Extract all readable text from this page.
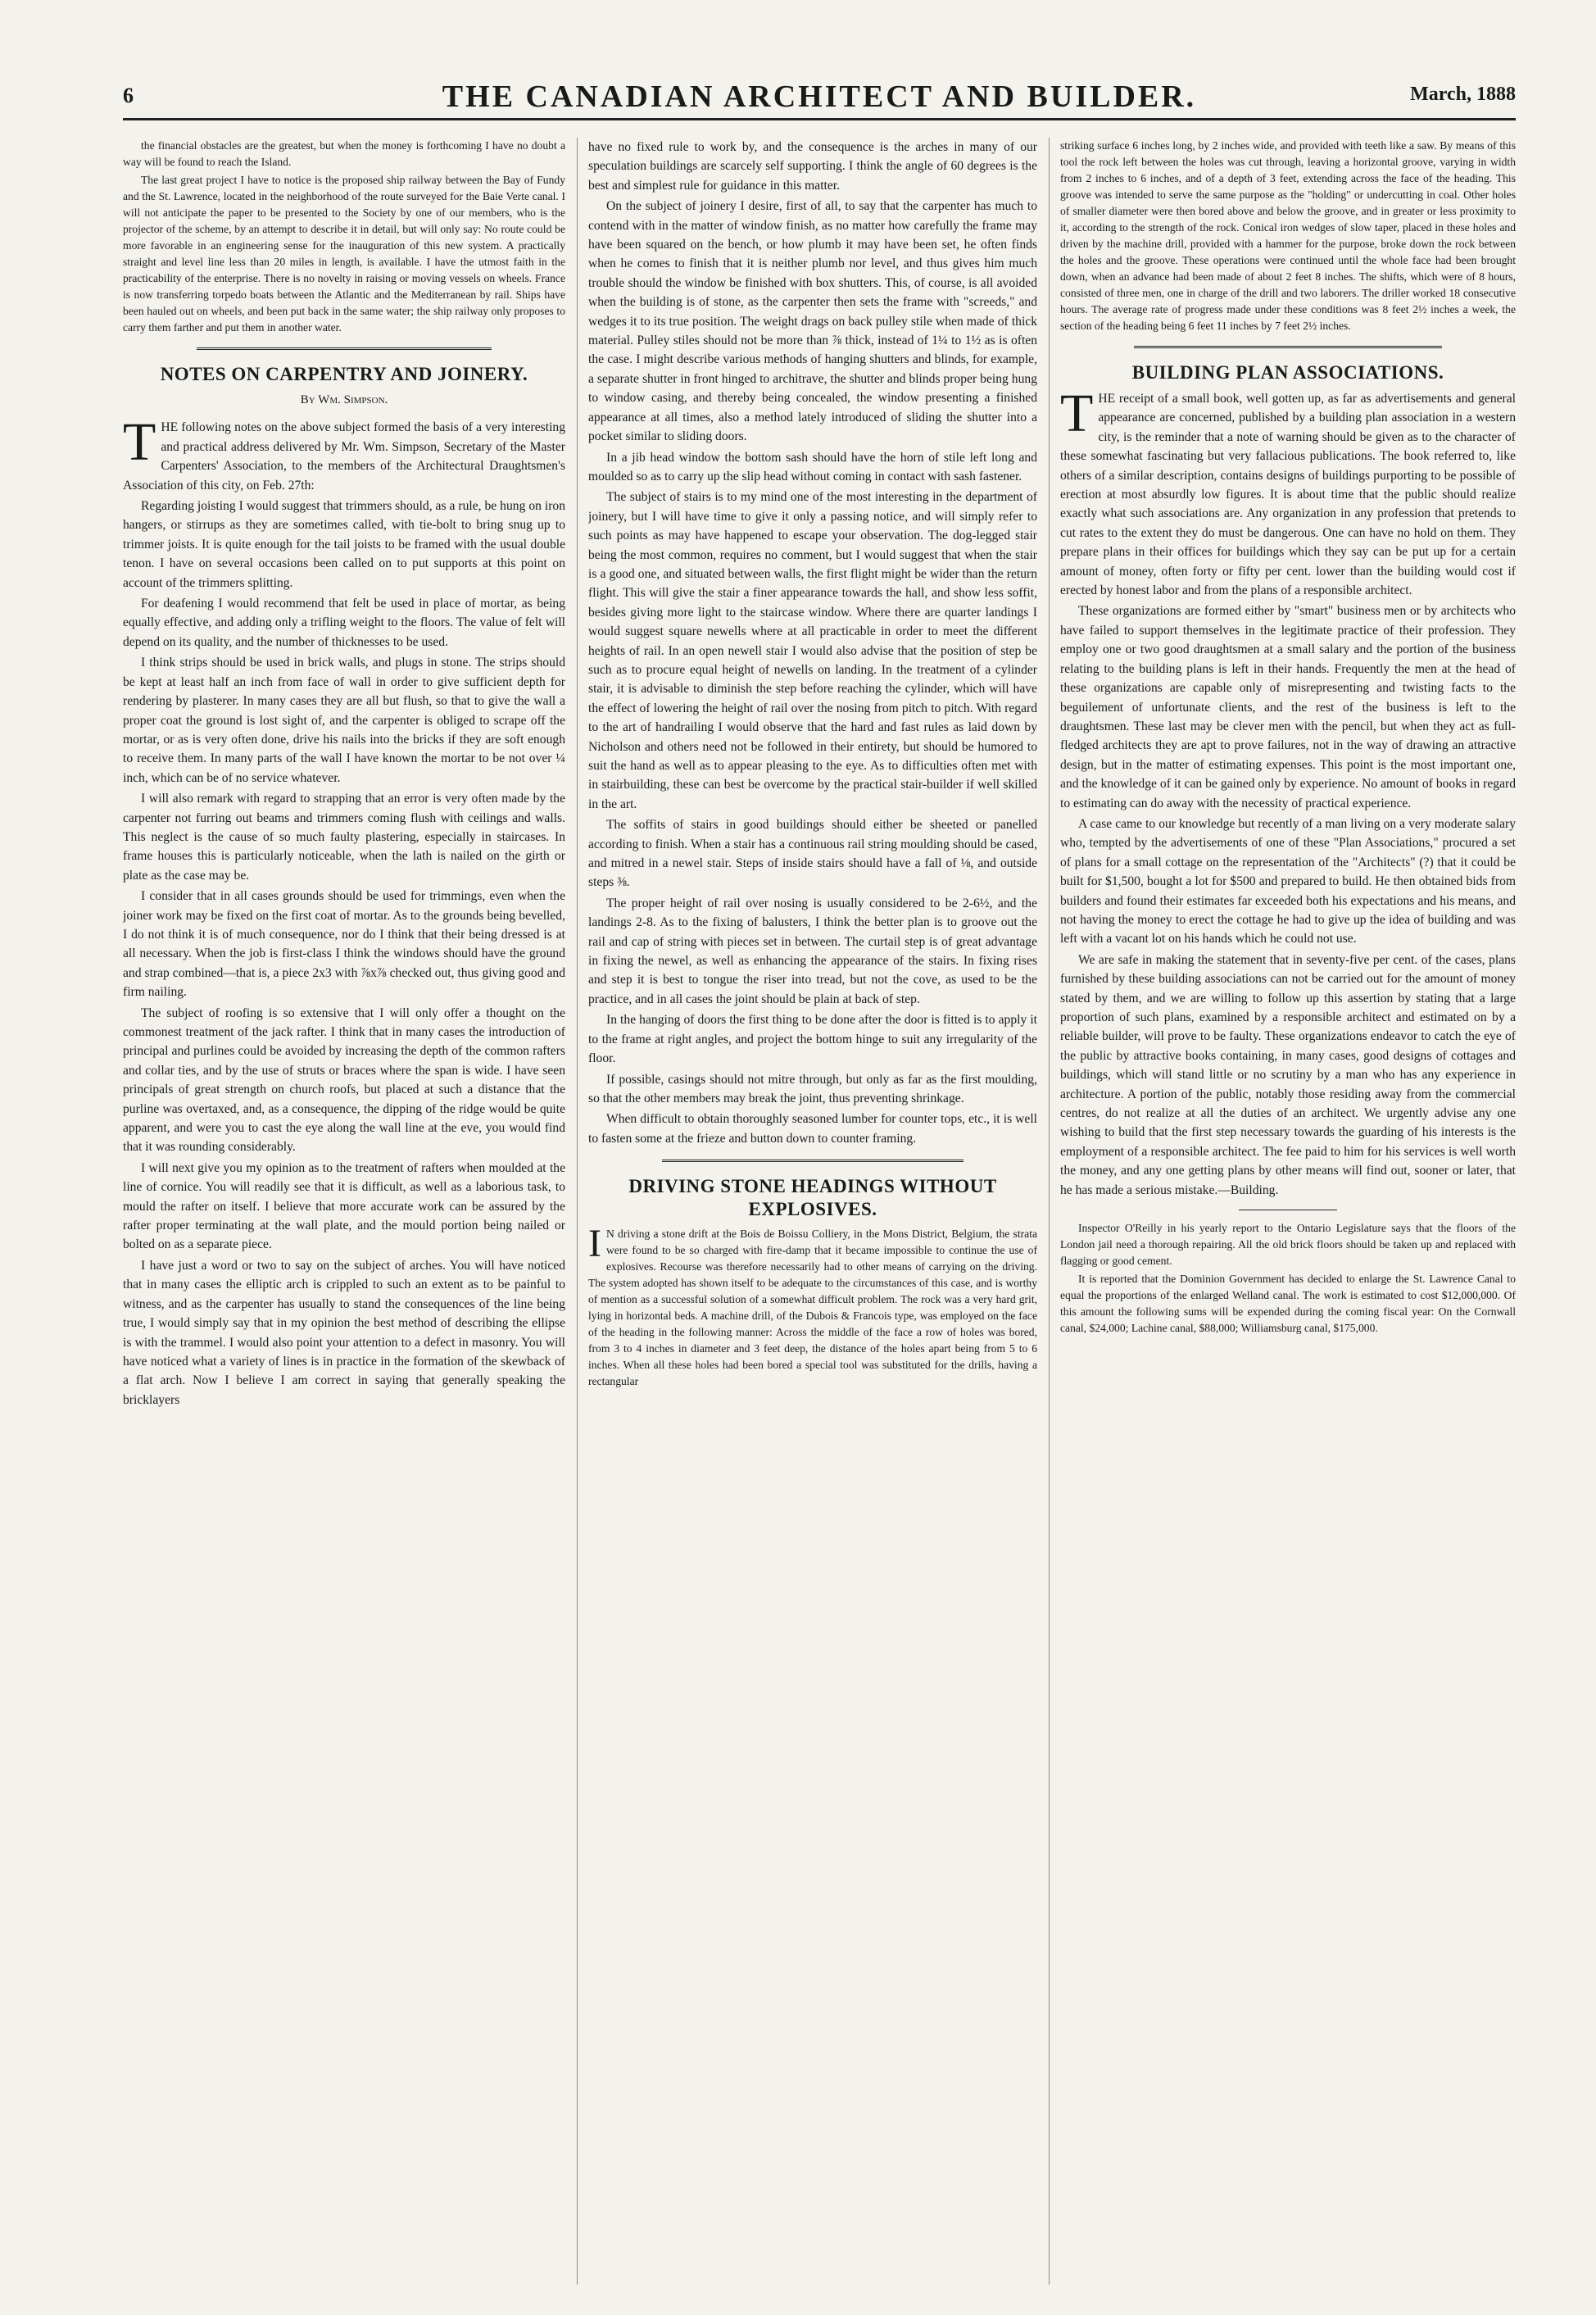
6	THE CANADIAN ARCHITECT AND BUILDER.	March, 1888

the financial obstacles are the greatest, but when the money is forthcoming I have no doubt a way will be found to reach the Island.

The last great project I have to notice is the proposed ship railway between the Bay of Fundy and the St. Lawrence, located in the neighborhood of the route surveyed for the Baie Verte canal. I will not anticipate the paper to be presented to the Society by one of our members, who is the projector of the scheme, by an attempt to describe it in detail, but will only say: No route could be more favorable in an engineering sense for the inauguration of this new system. A practically straight and level line less than 20 miles in length, is available. I have the utmost faith in the practicability of the enterprise. There is no novelty in raising or moving vessels on wheels. France is now transferring torpedo boats between the Atlantic and the Mediterranean by rail. Ships have been hauled out on wheels, and been put back in the same water; the ship railway only proposes to carry them farther and put them in another water.

NOTES ON CARPENTRY AND JOINERY.

By Wm. Simpson.

THE following notes on the above subject formed the basis of a very interesting and practical address delivered by Mr. Wm. Simpson, Secretary of the Master Carpenters' Association, to the members of the Architectural Draughtsmen's Association of this city, on Feb. 27th:

Regarding joisting I would suggest that trimmers should, as a rule, be hung on iron hangers, or stirrups as they are sometimes called, with tie-bolt to bring snug up to trimmer joists. It is quite enough for the tail joists to be framed with the usual double tenon. I have on several occasions been called on to put supports at this point on account of the trimmers splitting.

For deafening I would recommend that felt be used in place of mortar, as being equally effective, and adding only a trifling weight to the floors. The value of felt will depend on its quality, and the number of thicknesses to be used.

I think strips should be used in brick walls, and plugs in stone. The strips should be kept at least half an inch from face of wall in order to give sufficient depth for rendering by plasterer. In many cases they are all but flush, so that to give the wall a proper coat the ground is lost sight of, and the carpenter is obliged to scrape off the mortar, or as is very often done, drive his nails into the bricks if they are soft enough to receive them. In many parts of the wall I have known the mortar to be not over ¼ inch, which can be of no service whatever.

I will also remark with regard to strapping that an error is very often made by the carpenter not furring out beams and trimmers coming flush with ceilings and walls. This neglect is the cause of so much faulty plastering, especially in staircases. In frame houses this is particularly noticeable, when the lath is nailed on the girth or plate as the case may be.

I consider that in all cases grounds should be used for trimmings, even when the joiner work may be fixed on the first coat of mortar. As to the grounds being bevelled, I do not think it is of much consequence, nor do I think that their being dressed is at all necessary. When the job is first-class I think the windows should have the ground and strap combined—that is, a piece 2x3 with ⅞x⅞ checked out, thus giving good and firm nailing.

The subject of roofing is so extensive that I will only offer a thought on the commonest treatment of the jack rafter. I think that in many cases the introduction of principal and purlines could be avoided by increasing the depth of the common rafters and collar ties, and by the use of struts or braces where the span is wide. I have seen principals of great strength on church roofs, but placed at such a distance that the purline was overtaxed, and, as a consequence, the dipping of the ridge would be quite apparent, and were you to cast the eye along the wall line at the eve, you would find that it was rounding considerably.

I will next give you my opinion as to the treatment of rafters when moulded at the line of cornice. You will readily see that it is difficult, as well as a laborious task, to mould the rafter on itself. I believe that more accurate work can be assured by the rafter proper terminating at the wall plate, and the mould portion being nailed or bolted on as a separate piece.

I have just a word or two to say on the subject of arches. You will have noticed that in many cases the elliptic arch is crippled to such an extent as to be painful to witness, and as the carpenter has usually to stand the consequences of the line being true, I would simply say that in my opinion the best method of describing the ellipse is with the trammel. I would also point your attention to a defect in masonry. You will have noticed what a variety of lines is in practice in the formation of the skewback of a flat arch. Now I believe I am correct in saying that generally speaking the bricklayers

have no fixed rule to work by, and the consequence is the arches in many of our speculation buildings are scarcely self supporting. I think the angle of 60 degrees is the best and simplest rule for guidance in this matter.

On the subject of joinery I desire, first of all, to say that the carpenter has much to contend with in the matter of window finish, as no matter how carefully the frame may have been squared on the bench, or how plumb it may have been set, he often finds when he comes to finish that it is neither plumb nor level, and thus gives him much trouble should the window be finished with box shutters. This, of course, is all avoided when the building is of stone, as the carpenter then sets the frame with "screeds," and wedges it to its true position. The weight drags on back pulley stile when made of thick material. Pulley stiles should not be more than ⅞ thick, instead of 1¼ to 1½ as is often the case. I might describe various methods of hanging shutters and blinds, for example, a separate shutter in front hinged to architrave, the shutter and blinds proper being hung to window casing, and thereby being concealed, the window presenting a finished appearance at all times, also a method lately introduced of sliding the shutter into a pocket similar to sliding doors.

In a jib head window the bottom sash should have the horn of stile left long and moulded so as to carry up the slip head without coming in contact with sash fastener.

The subject of stairs is to my mind one of the most interesting in the department of joinery, but I will have time to give it only a passing notice, and will simply refer to such points as may have happened to escape your observation. The dog-legged stair being the most common, requires no comment, but I would suggest that when the stair is a good one, and situated between walls, the first flight might be wider than the return flight. This will give the stair a finer appearance towards the hall, and show less soffit, besides giving more light to the staircase window. Where there are quarter landings I would suggest square newells where at all practicable in order to meet the different heights of rail. In an open newell stair I would also advise that the position of step be such as to procure equal height of newells on landing. In the treatment of a cylinder stair, it is advisable to diminish the step before reaching the cylinder, which will have the effect of lowering the height of rail over the nosing from pitch to pitch. With regard to the art of handrailing I would observe that the hard and fast rules as laid down by Nicholson and others need not be followed in their entirety, but should be humored to suit the hand as well as to appear pleasing to the eye. As to difficulties often met with in stairbuilding, these can best be overcome by the practical stair-builder if well skilled in the art.

The soffits of stairs in good buildings should either be sheeted or panelled according to finish. When a stair has a continuous rail string moulding should be cased, and mitred in a newel stair. Steps of inside stairs should have a fall of ⅛, and outside steps ⅜.

The proper height of rail over nosing is usually considered to be 2-6½, and the landings 2-8. As to the fixing of balusters, I think the better plan is to groove out the rail and cap of string with pieces set in between. The curtail step is of great advantage in fixing the newel, as well as enhancing the appearance of the stairs. In fixing rises and step it is best to tongue the riser into tread, but not the cove, as used to be the practice, and in all cases the joint should be plain at back of step.

In the hanging of doors the first thing to be done after the door is fitted is to apply it to the frame at right angles, and project the bottom hinge to suit any irregularity of the floor.

If possible, casings should not mitre through, but only as far as the first moulding, so that the other members may break the joint, thus preventing shrinkage.

When difficult to obtain thoroughly seasoned lumber for counter tops, etc., it is well to fasten some at the frieze and button down to counter framing.

DRIVING STONE HEADINGS WITHOUT EXPLOSIVES.

I N driving a stone drift at the Bois de Boissu Colliery, in the Mons District, Belgium, the strata were found to be so charged with fire-damp that it became impossible to continue the use of explosives. Recourse was therefore necessarily had to other means of carrying on the driving. The system adopted has shown itself to be adequate to the circumstances of this case, and is worthy of mention as a successful solution of a somewhat difficult problem. The rock was a very hard grit, lying in horizontal beds. A machine drill, of the Dubois & Francois type, was employed on the face of the heading in the following manner: Across the middle of the face a row of holes was bored, from 3 to 4 inches in diameter and 3 feet deep, the distance of the holes apart being from 5 to 6 inches. When all these holes had been bored a special tool was substituted for the drills, having a rectangular

striking surface 6 inches long, by 2 inches wide, and provided with teeth like a saw. By means of this tool the rock left between the holes was cut through, leaving a horizontal groove, varying in width from 2 inches to 6 inches, and of a depth of 3 feet, extending across the face of the heading. This groove was intended to serve the same purpose as the "holding" or undercutting in coal. Other holes of smaller diameter were then bored above and below the groove, and in greater or less proximity to it, according to the strength of the rock. Conical iron wedges of slow taper, placed in these holes and driven by the machine drill, provided with a hammer for the purpose, broke down the rock between the holes and the groove. These operations were continued until the whole face had been brought down, when an advance had been made of about 2 feet 8 inches. The shifts, which were of 8 hours, consisted of three men, one in charge of the drill and two laborers. The driller worked 18 consecutive hours. The average rate of progress made under these conditions was 8 feet 2½ inches a week, the section of the heading being 6 feet 11 inches by 7 feet 2½ inches.

BUILDING PLAN ASSOCIATIONS.

THE receipt of a small book, well gotten up, as far as advertisements and general appearance are concerned, published by a building plan association in a western city, is the reminder that a note of warning should be given as to the character of these somewhat fascinating but very fallacious publications. The book referred to, like others of a similar description, contains designs of buildings purporting to be possible of erection at most absurdly low figures. It is about time that the public should realize exactly what such associations are. Any organization in any profession that pretends to cut rates to the extent they do must be dangerous. One can have no hold on them. They prepare plans in their offices for buildings which they say can be put up for a certain amount of money, often forty or fifty per cent. lower than the building would cost if erected by honest labor and from the plans of a responsible architect.

These organizations are formed either by "smart" business men or by architects who have failed to support themselves in the legitimate practice of their profession. They employ one or two good draughtsmen at a small salary and the portion of the business relating to the building plans is left in their hands. Frequently the men at the head of these organizations are capable only of misrepresenting and twisting facts to the beguilement of unfortunate clients, and the rest of the business is left to the draughtsmen. These last may be clever men with the pencil, but when they act as full-fledged architects they are apt to prove failures, not in the way of drawing an attractive design, but in the matter of estimating expenses. This point is the most important one, and the knowledge of it can be gained only by experience. No amount of books in regard to estimating can do away with the necessity of practical experience.

A case came to our knowledge but recently of a man living on a very moderate salary who, tempted by the advertisements of one of these "Plan Associations," procured a set of plans for a small cottage on the representation of the "Architects" (?) that it could be built for $1,500, bought a lot for $500 and prepared to build. He then obtained bids from builders and found their estimates far exceeded both his expectations and his means, and not having the money to erect the cottage he had to give up the idea of building and was left with a vacant lot on his hands which he could not use.

We are safe in making the statement that in seventy-five per cent. of the cases, plans furnished by these building associations can not be carried out for the amount of money stated by them, and we are willing to follow up this assertion by stating that a large proportion of such plans, examined by a responsible architect and estimated on by a reliable builder, will prove to be faulty. These organizations endeavor to catch the eye of the public by attractive books containing, in many cases, good designs of cottages and buildings, which will stand little or no scrutiny by a man who has any experience in architecture. A portion of the public, notably those residing away from the commercial centres, do not realize at all the duties of an architect. We urgently advise any one wishing to build that the first step necessary towards the guarding of his interests is the employment of a responsible architect. The fee paid to him for his services is well worth the money, and any one getting plans by other means will find out, sooner or later, that he has made a serious mistake.—Building.

Inspector O'Reilly in his yearly report to the Ontario Legislature says that the floors of the London jail need a thorough repairing. All the old brick floors should be taken up and replaced with flagging or good cement.

It is reported that the Dominion Government has decided to enlarge the St. Lawrence Canal to equal the proportions of the enlarged Welland canal. The work is estimated to cost $12,000,000. Of this amount the following sums will be expended during the coming fiscal year: On the Cornwall canal, $24,000; Lachine canal, $88,000; Williamsburg canal, $175,000.
